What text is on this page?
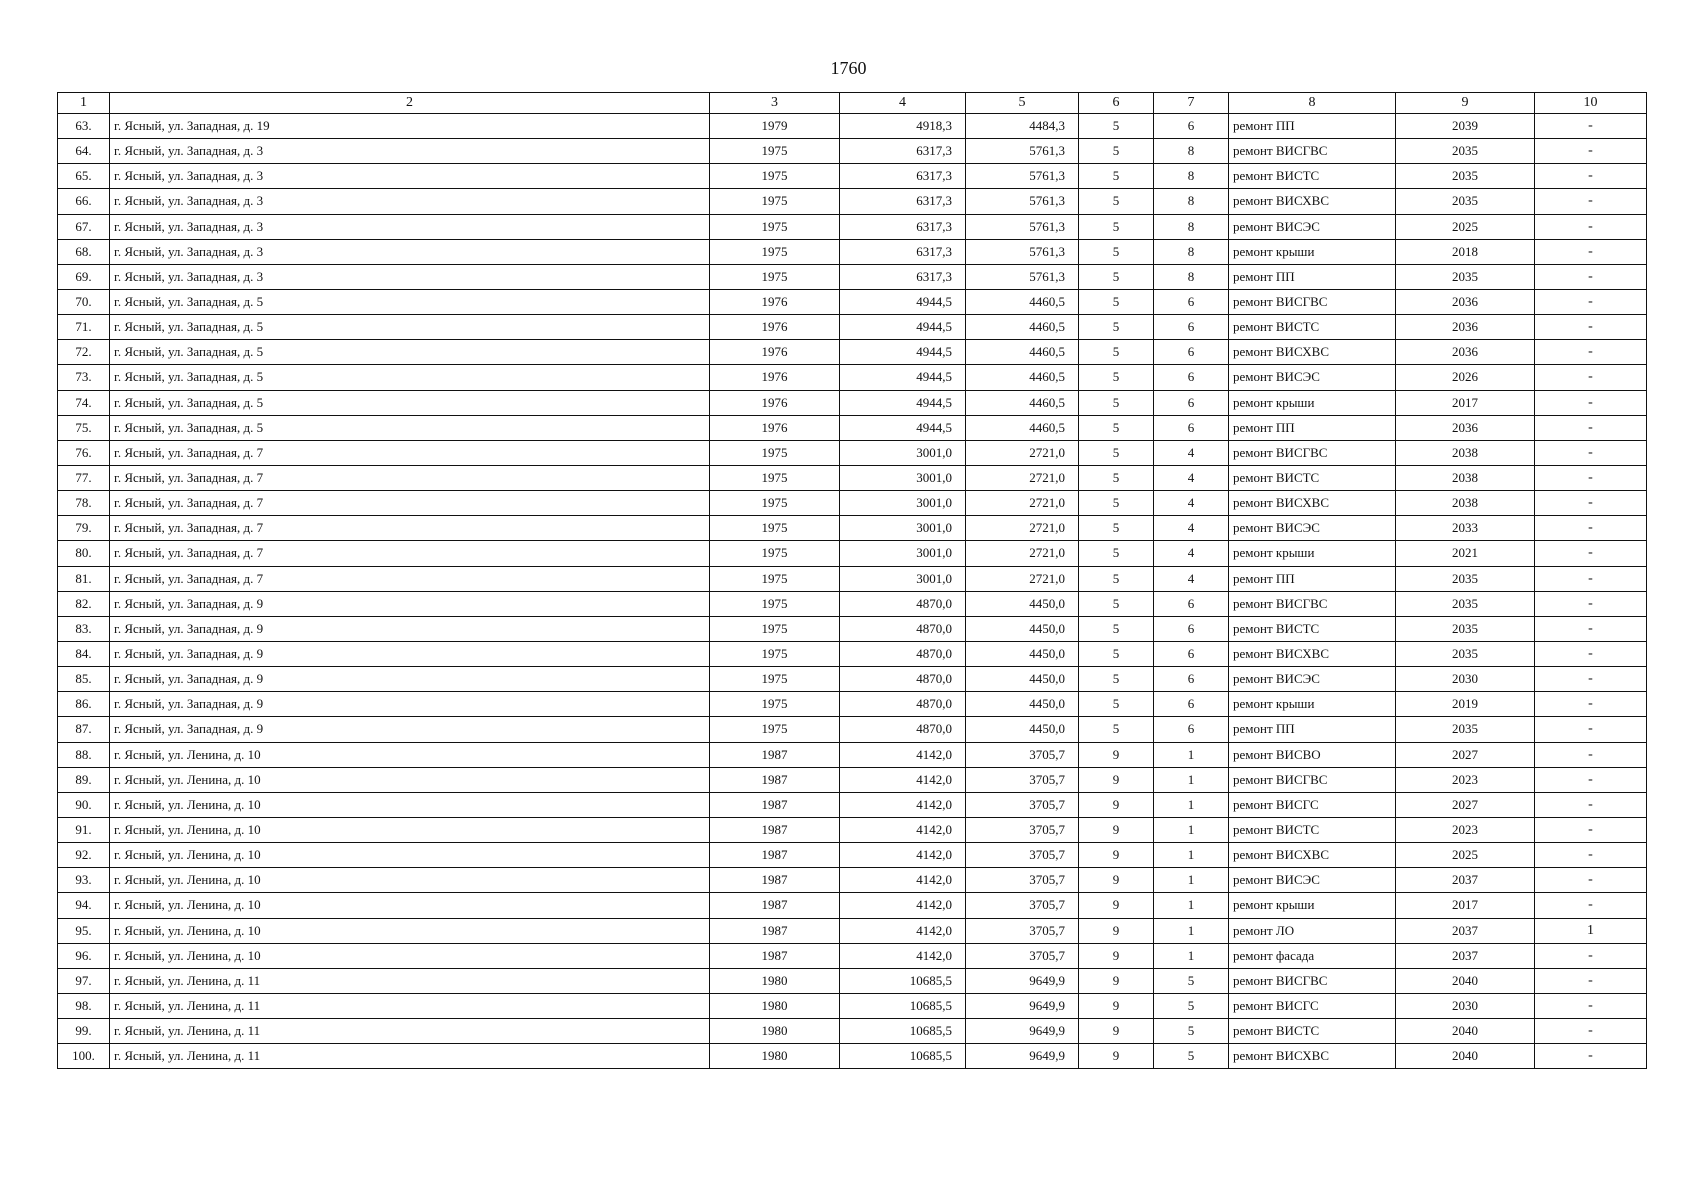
1760
1	2	3	4	5	6	7	8	9	10
63.	г. Ясный, ул. Западная, д. 19	1979	4918,3	4484,3	5	6	ремонт ПП	2039	-
64.	г. Ясный, ул. Западная, д. 3	1975	6317,3	5761,3	5	8	ремонт ВИСГВС	2035	-
65.	г. Ясный, ул. Западная, д. 3	1975	6317,3	5761,3	5	8	ремонт ВИСТС	2035	-
66.	г. Ясный, ул. Западная, д. 3	1975	6317,3	5761,3	5	8	ремонт ВИСХВС	2035	-
67.	г. Ясный, ул. Западная, д. 3	1975	6317,3	5761,3	5	8	ремонт ВИСЭС	2025	-
68.	г. Ясный, ул. Западная, д. 3	1975	6317,3	5761,3	5	8	ремонт крыши	2018	-
69.	г. Ясный, ул. Западная, д. 3	1975	6317,3	5761,3	5	8	ремонт ПП	2035	-
70.	г. Ясный, ул. Западная, д. 5	1976	4944,5	4460,5	5	6	ремонт ВИСГВС	2036	-
71.	г. Ясный, ул. Западная, д. 5	1976	4944,5	4460,5	5	6	ремонт ВИСТС	2036	-
72.	г. Ясный, ул. Западная, д. 5	1976	4944,5	4460,5	5	6	ремонт ВИСХВС	2036	-
73.	г. Ясный, ул. Западная, д. 5	1976	4944,5	4460,5	5	6	ремонт ВИСЭС	2026	-
74.	г. Ясный, ул. Западная, д. 5	1976	4944,5	4460,5	5	6	ремонт крыши	2017	-
75.	г. Ясный, ул. Западная, д. 5	1976	4944,5	4460,5	5	6	ремонт ПП	2036	-
76.	г. Ясный, ул. Западная, д. 7	1975	3001,0	2721,0	5	4	ремонт ВИСГВС	2038	-
77.	г. Ясный, ул. Западная, д. 7	1975	3001,0	2721,0	5	4	ремонт ВИСТС	2038	-
78.	г. Ясный, ул. Западная, д. 7	1975	3001,0	2721,0	5	4	ремонт ВИСХВС	2038	-
79.	г. Ясный, ул. Западная, д. 7	1975	3001,0	2721,0	5	4	ремонт ВИСЭС	2033	-
80.	г. Ясный, ул. Западная, д. 7	1975	3001,0	2721,0	5	4	ремонт крыши	2021	-
81.	г. Ясный, ул. Западная, д. 7	1975	3001,0	2721,0	5	4	ремонт ПП	2035	-
82.	г. Ясный, ул. Западная, д. 9	1975	4870,0	4450,0	5	6	ремонт ВИСГВС	2035	-
83.	г. Ясный, ул. Западная, д. 9	1975	4870,0	4450,0	5	6	ремонт ВИСТС	2035	-
84.	г. Ясный, ул. Западная, д. 9	1975	4870,0	4450,0	5	6	ремонт ВИСХВС	2035	-
85.	г. Ясный, ул. Западная, д. 9	1975	4870,0	4450,0	5	6	ремонт ВИСЭС	2030	-
86.	г. Ясный, ул. Западная, д. 9	1975	4870,0	4450,0	5	6	ремонт крыши	2019	-
87.	г. Ясный, ул. Западная, д. 9	1975	4870,0	4450,0	5	6	ремонт ПП	2035	-
88.	г. Ясный, ул. Ленина, д. 10	1987	4142,0	3705,7	9	1	ремонт ВИСВО	2027	-
89.	г. Ясный, ул. Ленина, д. 10	1987	4142,0	3705,7	9	1	ремонт ВИСГВС	2023	-
90.	г. Ясный, ул. Ленина, д. 10	1987	4142,0	3705,7	9	1	ремонт ВИСГС	2027	-
91.	г. Ясный, ул. Ленина, д. 10	1987	4142,0	3705,7	9	1	ремонт ВИСТС	2023	-
92.	г. Ясный, ул. Ленина, д. 10	1987	4142,0	3705,7	9	1	ремонт ВИСХВС	2025	-
93.	г. Ясный, ул. Ленина, д. 10	1987	4142,0	3705,7	9	1	ремонт ВИСЭС	2037	-
94.	г. Ясный, ул. Ленина, д. 10	1987	4142,0	3705,7	9	1	ремонт крыши	2017	-
95.	г. Ясный, ул. Ленина, д. 10	1987	4142,0	3705,7	9	1	ремонт ЛО	2037	1
96.	г. Ясный, ул. Ленина, д. 10	1987	4142,0	3705,7	9	1	ремонт фасада	2037	-
97.	г. Ясный, ул. Ленина, д. 11	1980	10685,5	9649,9	9	5	ремонт ВИСГВС	2040	-
98.	г. Ясный, ул. Ленина, д. 11	1980	10685,5	9649,9	9	5	ремонт ВИСГС	2030	-
99.	г. Ясный, ул. Ленина, д. 11	1980	10685,5	9649,9	9	5	ремонт ВИСТС	2040	-
100.	г. Ясный, ул. Ленина, д. 11	1980	10685,5	9649,9	9	5	ремонт ВИСХВС	2040	-
